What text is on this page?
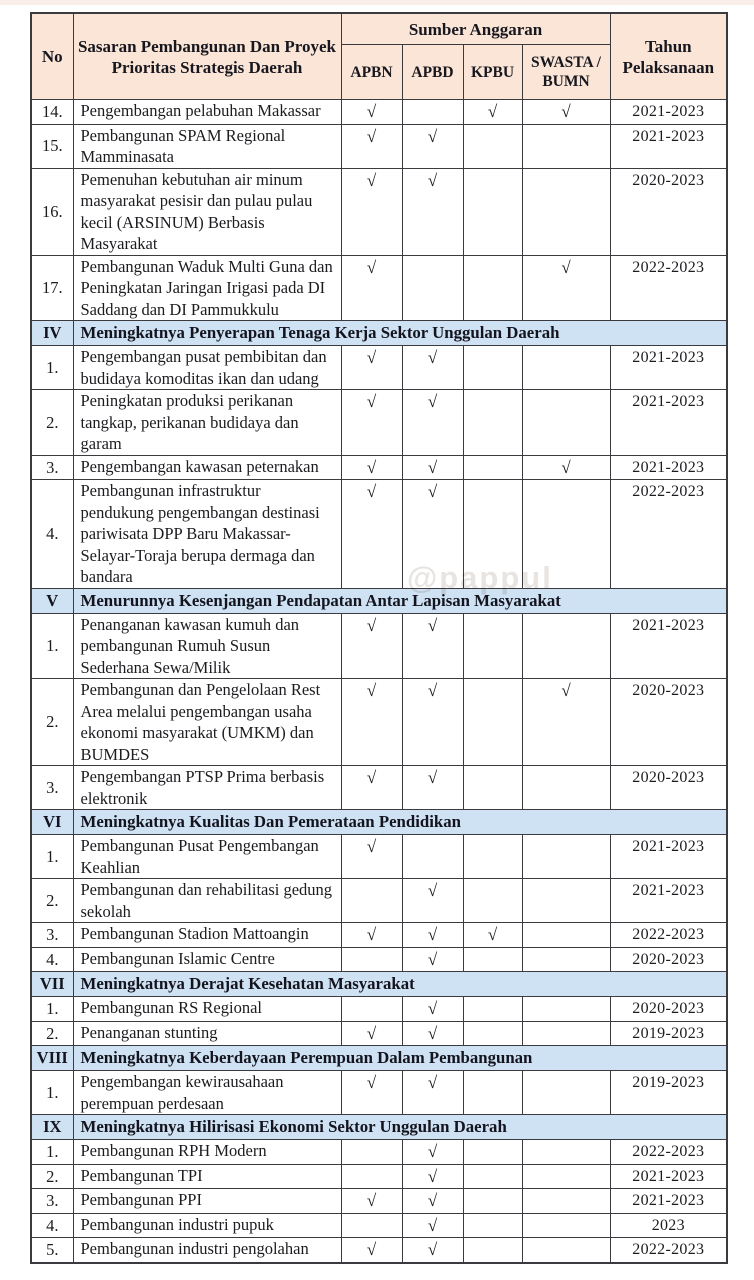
No	Sasaran Pembangunan Dan Proyek Prioritas Strategis Daerah	Sumber Anggaran				Tahun Pelaksanaan
		APBN	APBD	KPBU	SWASTA / BUMN	
14.	Pengembangan pelabuhan Makassar	√		√	√	2021-2023
15.	Pembangunan SPAM Regional Mamminasata	√	√			2021-2023
16.	Pemenuhan kebutuhan air minum masyarakat pesisir dan pulau pulau kecil (ARSINUM) Berbasis Masyarakat	√	√			2020-2023
17.	Pembangunan Waduk Multi Guna dan Peningkatan Jaringan Irigasi pada DI Saddang dan DI Pammukkulu	√			√	2022-2023
IV	Meningkatnya Penyerapan Tenaga Kerja Sektor Unggulan Daerah					
1.	Pengembangan pusat pembibitan dan budidaya komoditas ikan dan udang	√	√			2021-2023
2.	Peningkatan produksi perikanan tangkap, perikanan budidaya dan garam	√	√			2021-2023
3.	Pengembangan kawasan peternakan	√	√		√	2021-2023
4.	Pembangunan infrastruktur pendukung pengembangan destinasi pariwisata DPP Baru Makassar-Selayar-Toraja berupa dermaga dan bandara	√	√			2022-2023
V	Menurunnya Kesenjangan Pendapatan Antar Lapisan Masyarakat					
1.	Penanganan kawasan kumuh dan pembangunan Rumuh Susun Sederhana Sewa/Milik	√	√			2021-2023
2.	Pembangunan dan Pengelolaan Rest Area melalui pengembangan usaha ekonomi masyarakat (UMKM) dan BUMDES	√	√		√	2020-2023
3.	Pengembangan PTSP Prima berbasis elektronik	√	√			2020-2023
VI	Meningkatnya Kualitas Dan Pemerataan Pendidikan					
1.	Pembangunan Pusat Pengembangan Keahlian	√				2021-2023
2.	Pembangunan dan rehabilitasi gedung sekolah		√			2021-2023
3.	Pembangunan Stadion Mattoangin	√	√	√		2022-2023
4.	Pembangunan Islamic Centre		√			2020-2023
VII	Meningkatnya Derajat Kesehatan Masyarakat					
1.	Pembangunan RS Regional		√			2020-2023
2.	Penanganan stunting	√	√			2019-2023
VIII	Meningkatnya Keberdayaan Perempuan Dalam Pembangunan					
1.	Pengembangan kewirausahaan perempuan perdesaan	√	√			2019-2023
IX	Meningkatnya Hilirisasi Ekonomi Sektor Unggulan Daerah					
1.	Pembangunan RPH Modern		√			2022-2023
2.	Pembangunan TPI		√			2021-2023
3.	Pembangunan PPI	√	√			2021-2023
4.	Pembangunan industri pupuk		√			2023
5.	Pembangunan industri pengolahan	√	√			2022-2023
@pappul
